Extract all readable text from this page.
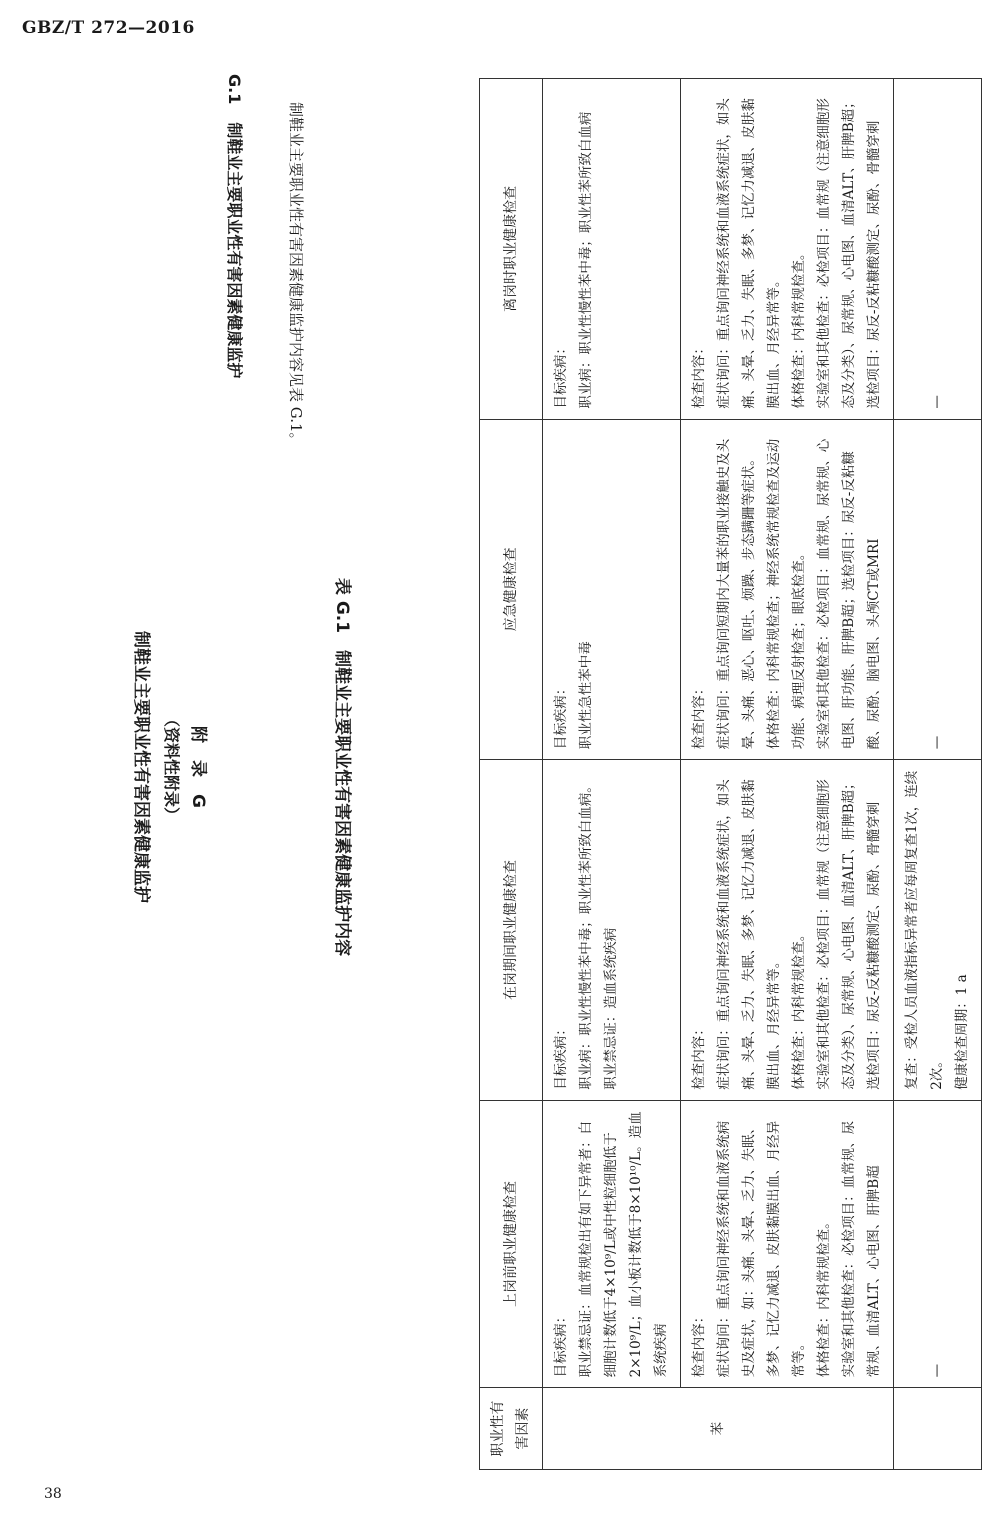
GBZ/T 272—2016
38
附　录　G
（资料性附录）
制鞋业主要职业性有害因素健康监护
G.1制鞋业主要职业性有害因素健康监护	制鞋业主要职业性有害因素健康监护内容见表 G.1。
表 G.1　制鞋业主要职业性有害因素健康监护内容
职业性有害因素	上岗前职业健康检查	在岗期间职业健康检查	应急健康检查	离岗时职业健康检查
苯	目标疾病： 职业禁忌证：血常规检出有如下异常者：白细胞计数低于4×10⁹/L或中性粒细胞低于2×10⁹/L；血小板计数低于8×10¹⁰/L。造血系统疾病	目标疾病： 职业病：职业性慢性苯中毒；职业性苯所致白血病。 职业禁忌证：造血系统疾病	目标疾病： 职业性急性苯中毒	目标疾病： 职业病：职业性慢性苯中毒；职业性苯所致白血病

	检查内容： 症状询问：重点询问神经系统和血液系统病史及症状，如：头痛、头晕、乏力、失眠、多梦、记忆力减退、皮肤黏膜出血、月经异常等。 体格检查：内科常规检查。 实验室和其他检查：必检项目：血常规、尿常规、血清ALT、心电图、肝脾B超	检查内容： 症状询问：重点询问神经系统和血液系统症状，如头痛、头晕、乏力、失眠、多梦、记忆力减退、皮肤黏膜出血、月经异常等。 体格检查：内科常规检查。 实验室和其他检查：必检项目：血常规（注意细胞形态及分类）、尿常规、心电图、血清ALT、肝脾B超；选检项目：尿反-反粘糠酸测定、尿酚、骨髓穿刺	检查内容： 症状询问：重点询问短期内大量苯的职业接触史及头晕、头痛、恶心、呕吐、烦躁、步态蹒跚等症状。 体格检查：内科常规检查；神经系统常规检查及运动功能、病理反射检查；眼底检查。 实验室和其他检查：必检项目：血常规、尿常规、心电图、肝功能、肝脾B超；选检项目：尿反-反粘糠酸、尿酚、脑电图、头颅CT或MRI	检查内容： 症状询问：重点询问神经系统和血液系统症状，如头痛、头晕、乏力、失眠、多梦、记忆力减退、皮肤黏膜出血、月经异常等。 体格检查：内科常规检查。 实验室和其他检查：必检项目：血常规（注意细胞形态及分类）、尿常规、心电图、血清ALT、肝脾B超；选检项目：尿反-反粘糠酸测定、尿酚、骨髓穿刺

	—	复查：受检人员血液指标异常者应每周复查1次，连续2次。 健康检查周期：1 a	—	—
